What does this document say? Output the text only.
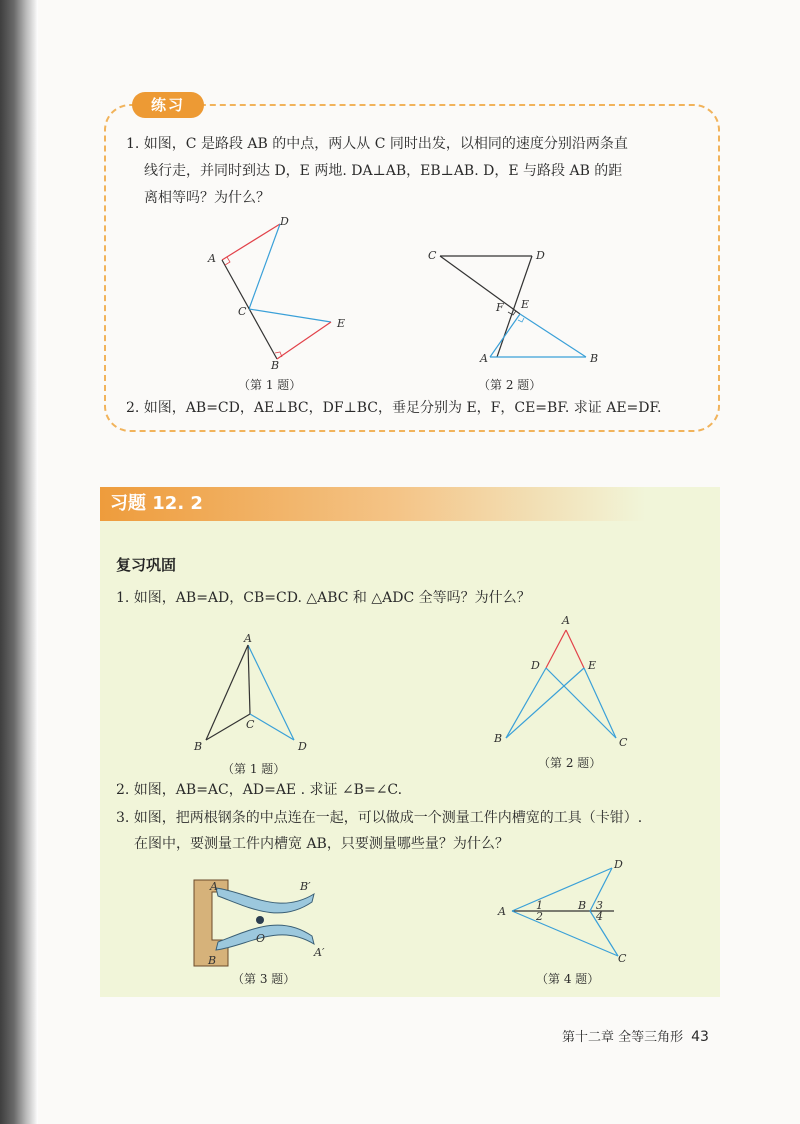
练习
1. 如图，C 是路段 AB 的中点，两人从 C 同时出发，以相同的速度分别沿两条直
线行走，并同时到达 D，E 两地. DA⊥AB，EB⊥AB. D，E 与路段 AB 的距
离相等吗？为什么？
D
A
C
E
B
（第 1 题）
C	D
F E
A	B
（第 2 题）
2. 如图，AB=CD，AE⊥BC，DF⊥BC，垂足分别为 E，F，CE=BF. 求证 AE=DF.
习题 12. 2
复习巩固
1. 如图，AB=AD，CB=CD. △ABC 和 △ADC 全等吗？为什么？
A
C
B	D
（第 1 题）
A
D	E
B	C
（第 2 题）
2. 如图，AB=AC，AD=AE . 求证 ∠B=∠C.
3. 如图，把两根钢条的中点连在一起，可以做成一个测量工件内槽宽的工具（卡钳）.
在图中，要测量工件内槽宽 AB，只要测量哪些量？为什么？
A	B′
O
B
A′
（第 3 题）
D
A	B
1
2
3
4
C
（第 4 题）
第十二章 全等三角形 43
